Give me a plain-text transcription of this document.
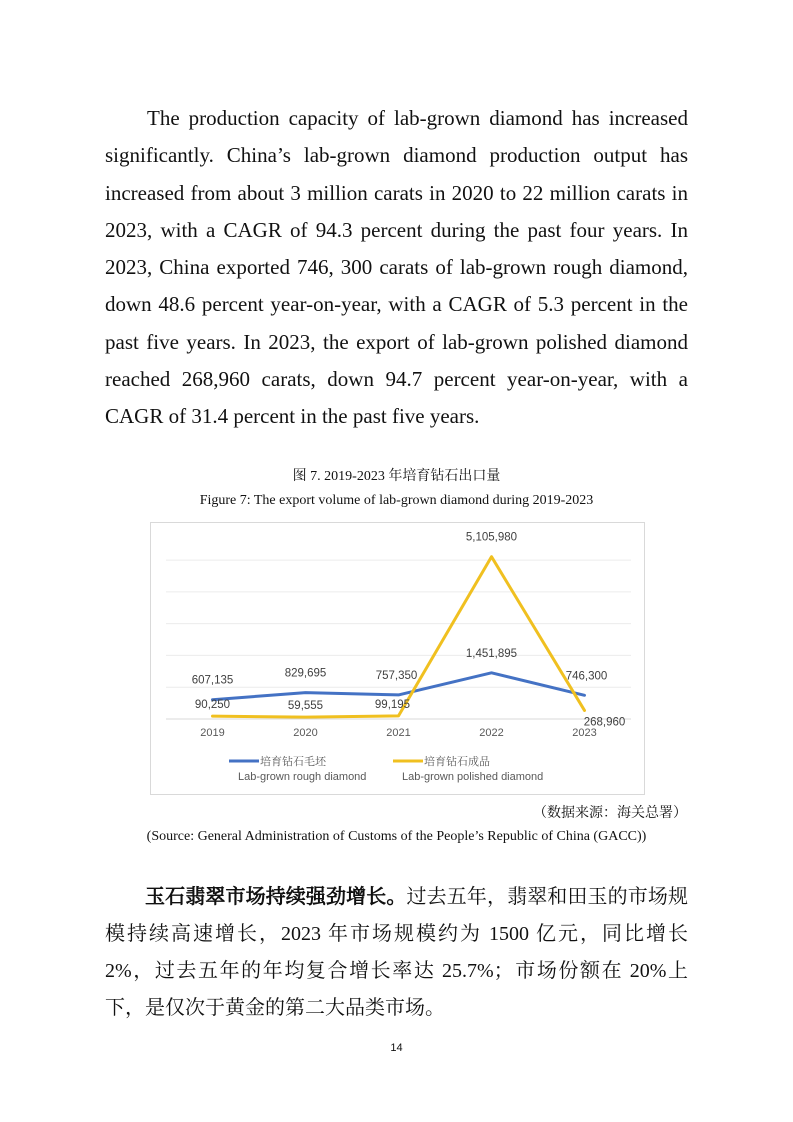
The production capacity of lab-grown diamond has increased significantly. China’s lab-grown diamond production output has increased from about 3 million carats in 2020 to 22 million carats in 2023, with a CAGR of 94.3 percent during the past four years. In 2023, China exported 746, 300 carats of lab-grown rough diamond, down 48.6 percent year-on-year, with a CAGR of 5.3 percent in the past five years. In 2023, the export of lab-grown polished diamond reached 268,960 carats, down 94.7 percent year-on-year, with a CAGR of 31.4 percent in the past five years.

图 7. 2019-2023 年培育钻石出口量

Figure 7: The export volume of lab-grown diamond during 2019-2023

2019	2020	2021	2022	2023
607,135
829,695	757,350
1,451,895
746,300
90,250	59,555	99,195
5,105,980
268,960
培育钻石毛坯
Lab-grown rough diamond
培育钻石成品
Lab-grown polished diamond

（数据来源：海关总署）

(Source: General Administration of Customs of the People’s Republic of China (GACC))

玉石翡翠市场持续强劲增长。过去五年，翡翠和田玉的市场规模持续高速增长，2023 年市场规模约为 1500 亿元，同比增长 2%，过去五年的年均复合增长率达 25.7%；市场份额在 20%上下，是仅次于黄金的第二大品类市场。

14
